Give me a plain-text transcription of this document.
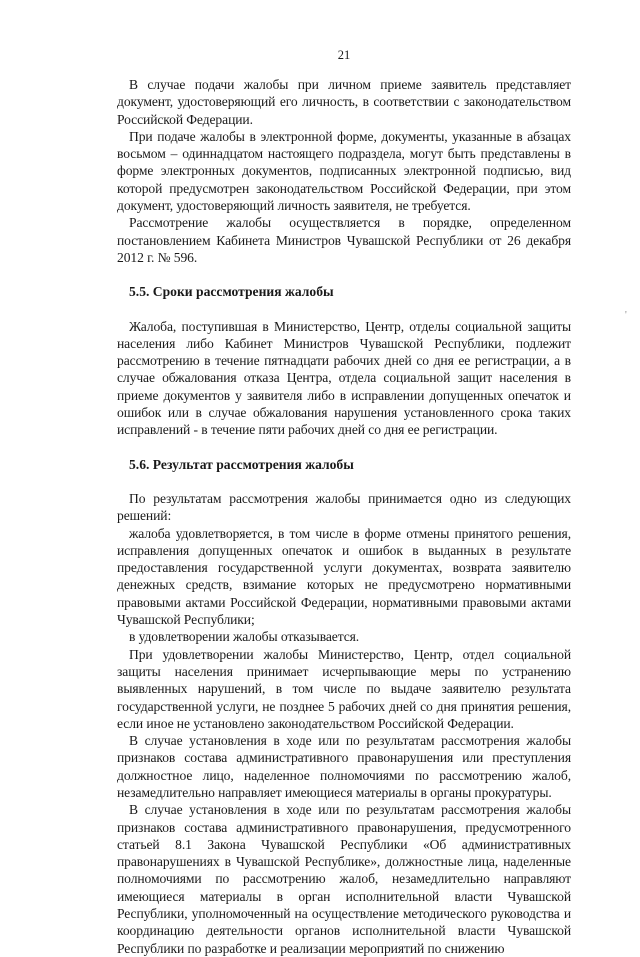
21

В случае подачи жалобы при личном приеме заявитель представляет документ, удостоверяющий его личность, в соответствии с законодательством Российской Федерации.

При подаче жалобы в электронной форме, документы, указанные в абзацах восьмом – одиннадцатом настоящего подраздела, могут быть представлены в форме электронных документов, подписанных электронной подписью, вид которой предусмотрен законодательством Российской Федерации, при этом документ, удостоверяющий личность заявителя, не требуется.

Рассмотрение жалобы осуществляется в порядке, определенном постановлением Кабинета Министров Чувашской Республики от 26 декабря 2012 г. № 596.

5.5. Сроки рассмотрения жалобы

Жалоба, поступившая в Министерство, Центр, отделы социальной защиты населения либо Кабинет Министров Чувашской Республики, подлежит рассмотрению в течение пятнадцати рабочих дней со дня ее регистрации, а в случае обжалования отказа Центра, отдела социальной защит населения в приеме документов у заявителя либо в исправлении допущенных опечаток и ошибок или в случае обжалования нарушения установленного срока таких исправлений - в течение пяти рабочих дней со дня ее регистрации.

5.6. Результат рассмотрения жалобы

По результатам рассмотрения жалобы принимается одно из следующих решений:

жалоба удовлетворяется, в том числе в форме отмены принятого решения, исправления допущенных опечаток и ошибок в выданных в результате предоставления государственной услуги документах, возврата заявителю денежных средств, взимание которых не предусмотрено нормативными правовыми актами Российской Федерации, нормативными правовыми актами Чувашской Республики;

в удовлетворении жалобы отказывается.

При удовлетворении жалобы Министерство, Центр, отдел социальной защиты населения принимает исчерпывающие меры по устранению выявленных нарушений, в том числе по выдаче заявителю результата государственной услуги, не позднее 5 рабочих дней со дня принятия решения, если иное не установлено законодательством Российской Федерации.

В случае установления в ходе или по результатам рассмотрения жалобы признаков состава административного правонарушения или преступления должностное лицо, наделенное полномочиями по рассмотрению жалоб, незамедлительно направляет имеющиеся материалы в органы прокуратуры.

В случае установления в ходе или по результатам рассмотрения жалобы признаков состава административного правонарушения, предусмотренного статьей 8.1 Закона Чувашской Республики «Об административных правонарушениях в Чувашской Республике», должностные лица, наделенные полномочиями по рассмотрению жалоб, незамедлительно направляют имеющиеся материалы в орган исполнительной власти Чувашской Республики, уполномоченный на осуществление методического руководства и координацию деятельности органов исполнительной власти Чувашской Республики по разработке и реализации мероприятий по снижению

'
